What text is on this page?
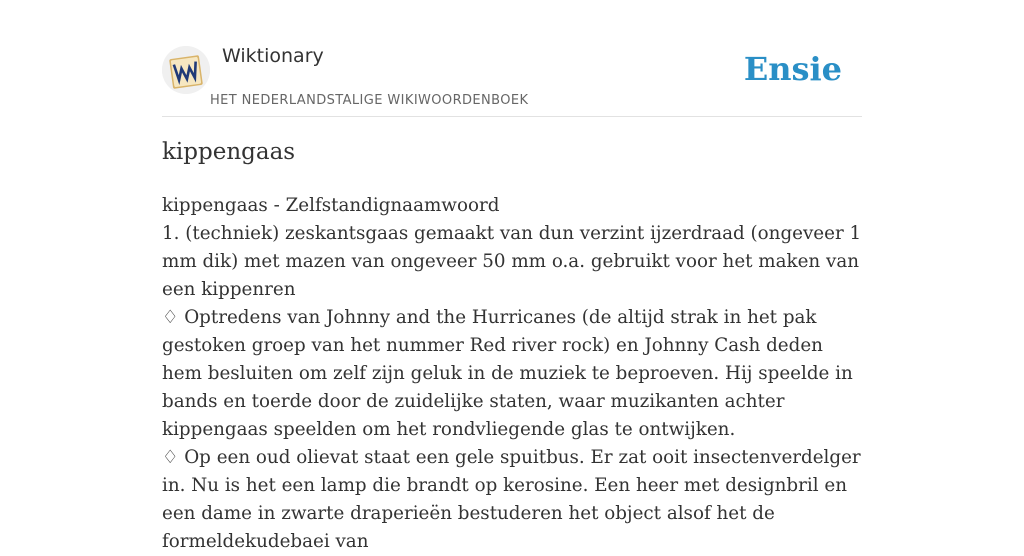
Wiktionary
HET NEDERLANDSTALIGE WIKIWOORDENBOEK
Ensie
kippengaas

kippengaas - Zelfstandignaamwoord

1. (techniek) zeskantsgaas gemaakt van dun verzint ijzerdraad (ongeveer 1 mm dik) met mazen van ongeveer 50 mm o.a. gebruikt voor het maken van een kippenren

♢ Optredens van Johnny and the Hurricanes (de altijd strak in het pak gestoken groep van het nummer Red river rock) en Johnny Cash deden hem besluiten om zelf zijn geluk in de muziek te beproeven. Hij speelde in bands en toerde door de zuidelijke staten, waar muzikanten achter kippengaas speelden om het rondvliegende glas te ontwijken.

♢ Op een oud olievat staat een gele spuitbus. Er zat ooit insectenverdelger in. Nu is het een lamp die brandt op kerosine. Een heer met designbril en een dame in zwarte draperieën bestuderen het object alsof het de formeldekudebaei van
